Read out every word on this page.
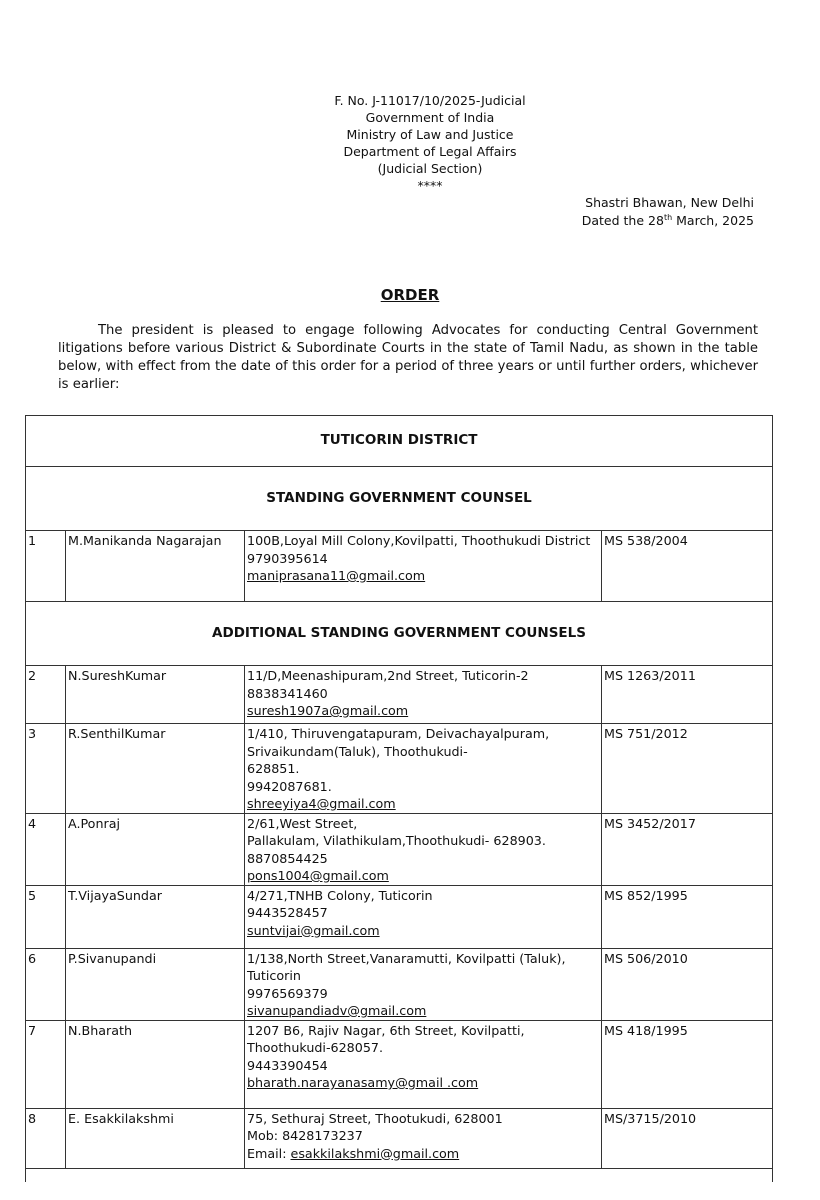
F. No. J-11017/10/2025-Judicial
Government of India
Ministry of Law and Justice
Department of Legal Affairs
(Judicial Section)
****
Shastri Bhawan, New Delhi
Dated the 28th March, 2025
ORDER
The president is pleased to engage following Advocates for conducting Central Government litigations before various District & Subordinate Courts in the state of Tamil Nadu, as shown in the table below, with effect from the date of this order for a period of three years or until further orders, whichever is earlier:
TUTICORIN DISTRICT			
STANDING GOVERNMENT COUNSEL			
1	M.Manikanda Nagarajan	100B,Loyal Mill Colony,Kovilpatti, Thoothukudi District
9790395614
maniprasana11@gmail.com	MS 538/2004
ADDITIONAL STANDING GOVERNMENT COUNSELS			
2	N.SureshKumar	11/D,Meenashipuram,2nd Street, Tuticorin-2
8838341460
suresh1907a@gmail.com	MS 1263/2011
3	R.SenthilKumar	1/410, Thiruvengatapuram, Deivachayalpuram, Srivaikundam(Taluk), Thoothukudi-
628851.
9942087681.
shreeyiya4@gmail.com	MS 751/2012
4	A.Ponraj	2/61,West Street,
Pallakulam, Vilathikulam,Thoothukudi- 628903.
8870854425
pons1004@gmail.com	MS 3452/2017
5	T.VijayaSundar	4/271,TNHB Colony, Tuticorin
9443528457
suntvijai@gmail.com	MS 852/1995
6	P.Sivanupandi	1/138,North Street,Vanaramutti, Kovilpatti (Taluk), Tuticorin
9976569379
sivanupandiadv@gmail.com	MS 506/2010
7	N.Bharath	1207 B6, Rajiv Nagar, 6th Street, Kovilpatti, Thoothukudi-628057.
9443390454
bharath.narayanasamy@gmail .com	MS 418/1995
8	E. Esakkilakshmi	75, Sethuraj Street, Thootukudi, 628001
Mob: 8428173237
Email: esakkilakshmi@gmail.com	MS/3715/2010
